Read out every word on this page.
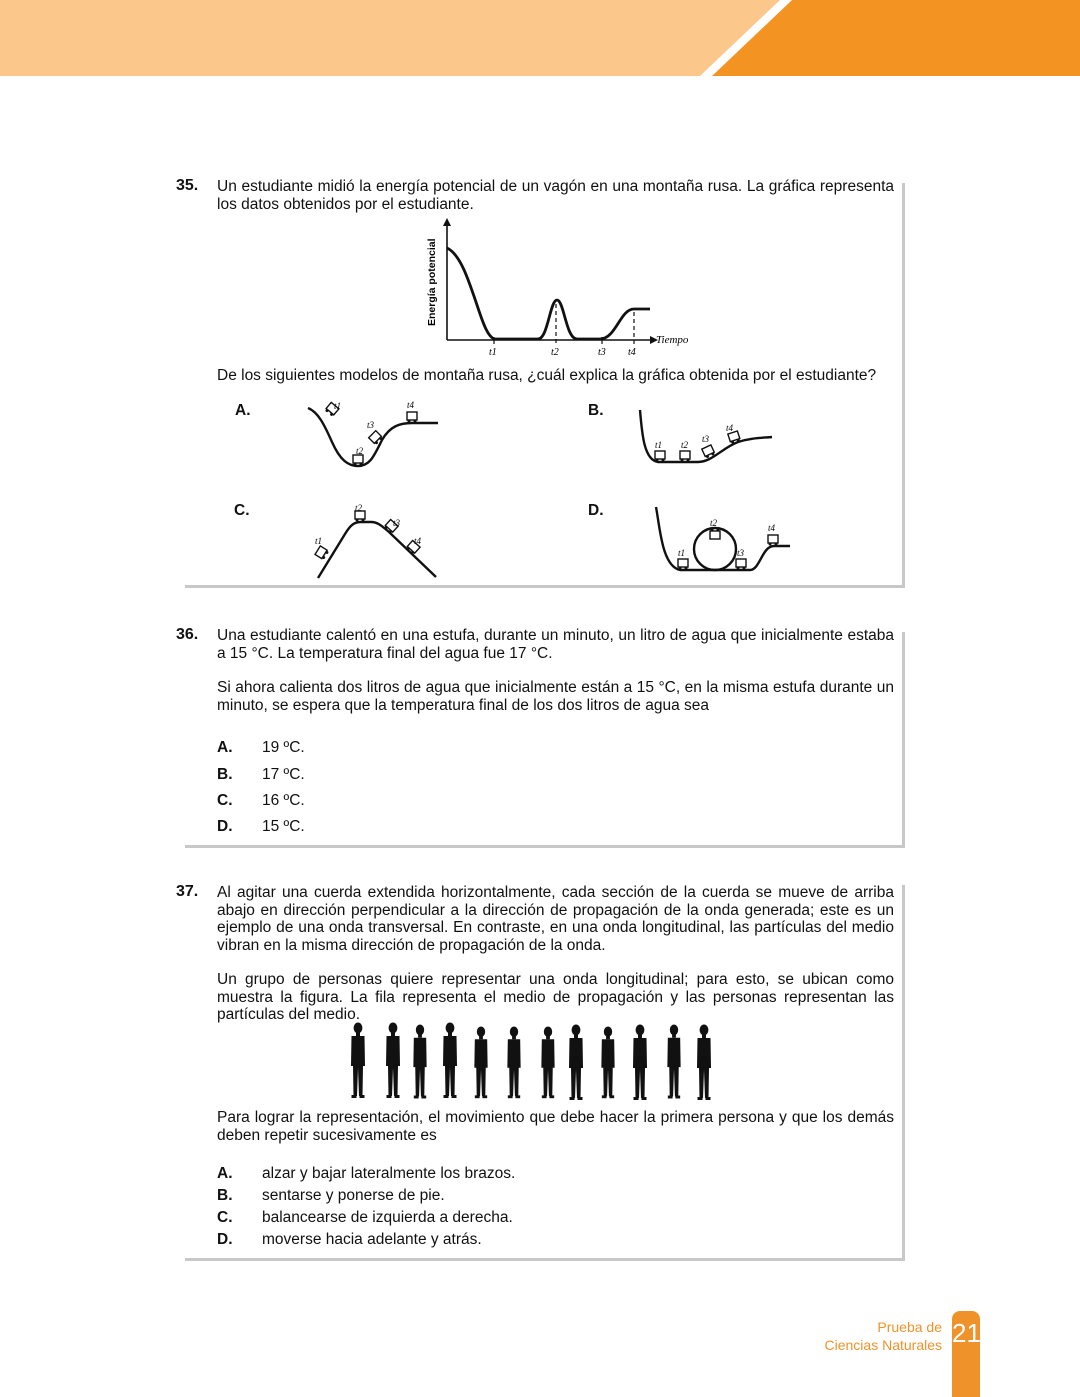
35. Un estudiante midió la energía potencial de un vagón en una montaña rusa. La gráfica representa los datos obtenidos por el estudiante.
Energía potencial
Tiempo
t1	t2	t3 t4
De los siguientes modelos de montaña rusa, ¿cuál explica la gráfica obtenida por el estudiante?
A.	t1
t2
t3
t4	B.
t1 t2
t3
t4
C.
t1
t2
t3
t4
D.
t1
t2
t3
t4
36. Una estudiante calentó en una estufa, durante un minuto, un litro de agua que inicialmente estaba a 15 °C. La temperatura final del agua fue 17 °C.
Si ahora calienta dos litros de agua que inicialmente están a 15 °C, en la misma estufa durante un minuto, se espera que la temperatura final de los dos litros de agua sea
A. 19 ºC.
B. 17 ºC.
C. 16 ºC.
D. 15 ºC.
37. Al agitar una cuerda extendida horizontalmente, cada sección de la cuerda se mueve de arriba abajo en dirección perpendicular a la dirección de propagación de la onda generada; este es un ejemplo de una onda transversal. En contraste, en una onda longitudinal, las partículas del medio vibran en la misma dirección de propagación de la onda.
Un grupo de personas quiere representar una onda longitudinal; para esto, se ubican como muestra la figura. La fila representa el medio de propagación y las personas representan las partículas del medio.
Para lograr la representación, el movimiento que debe hacer la primera persona y que los demás deben repetir sucesivamente es
A. alzar y bajar lateralmente los brazos.
B. sentarse y ponerse de pie.
C. balancearse de izquierda a derecha.
D. moverse hacia adelante y atrás.
Prueba de
Ciencias Naturales 21
